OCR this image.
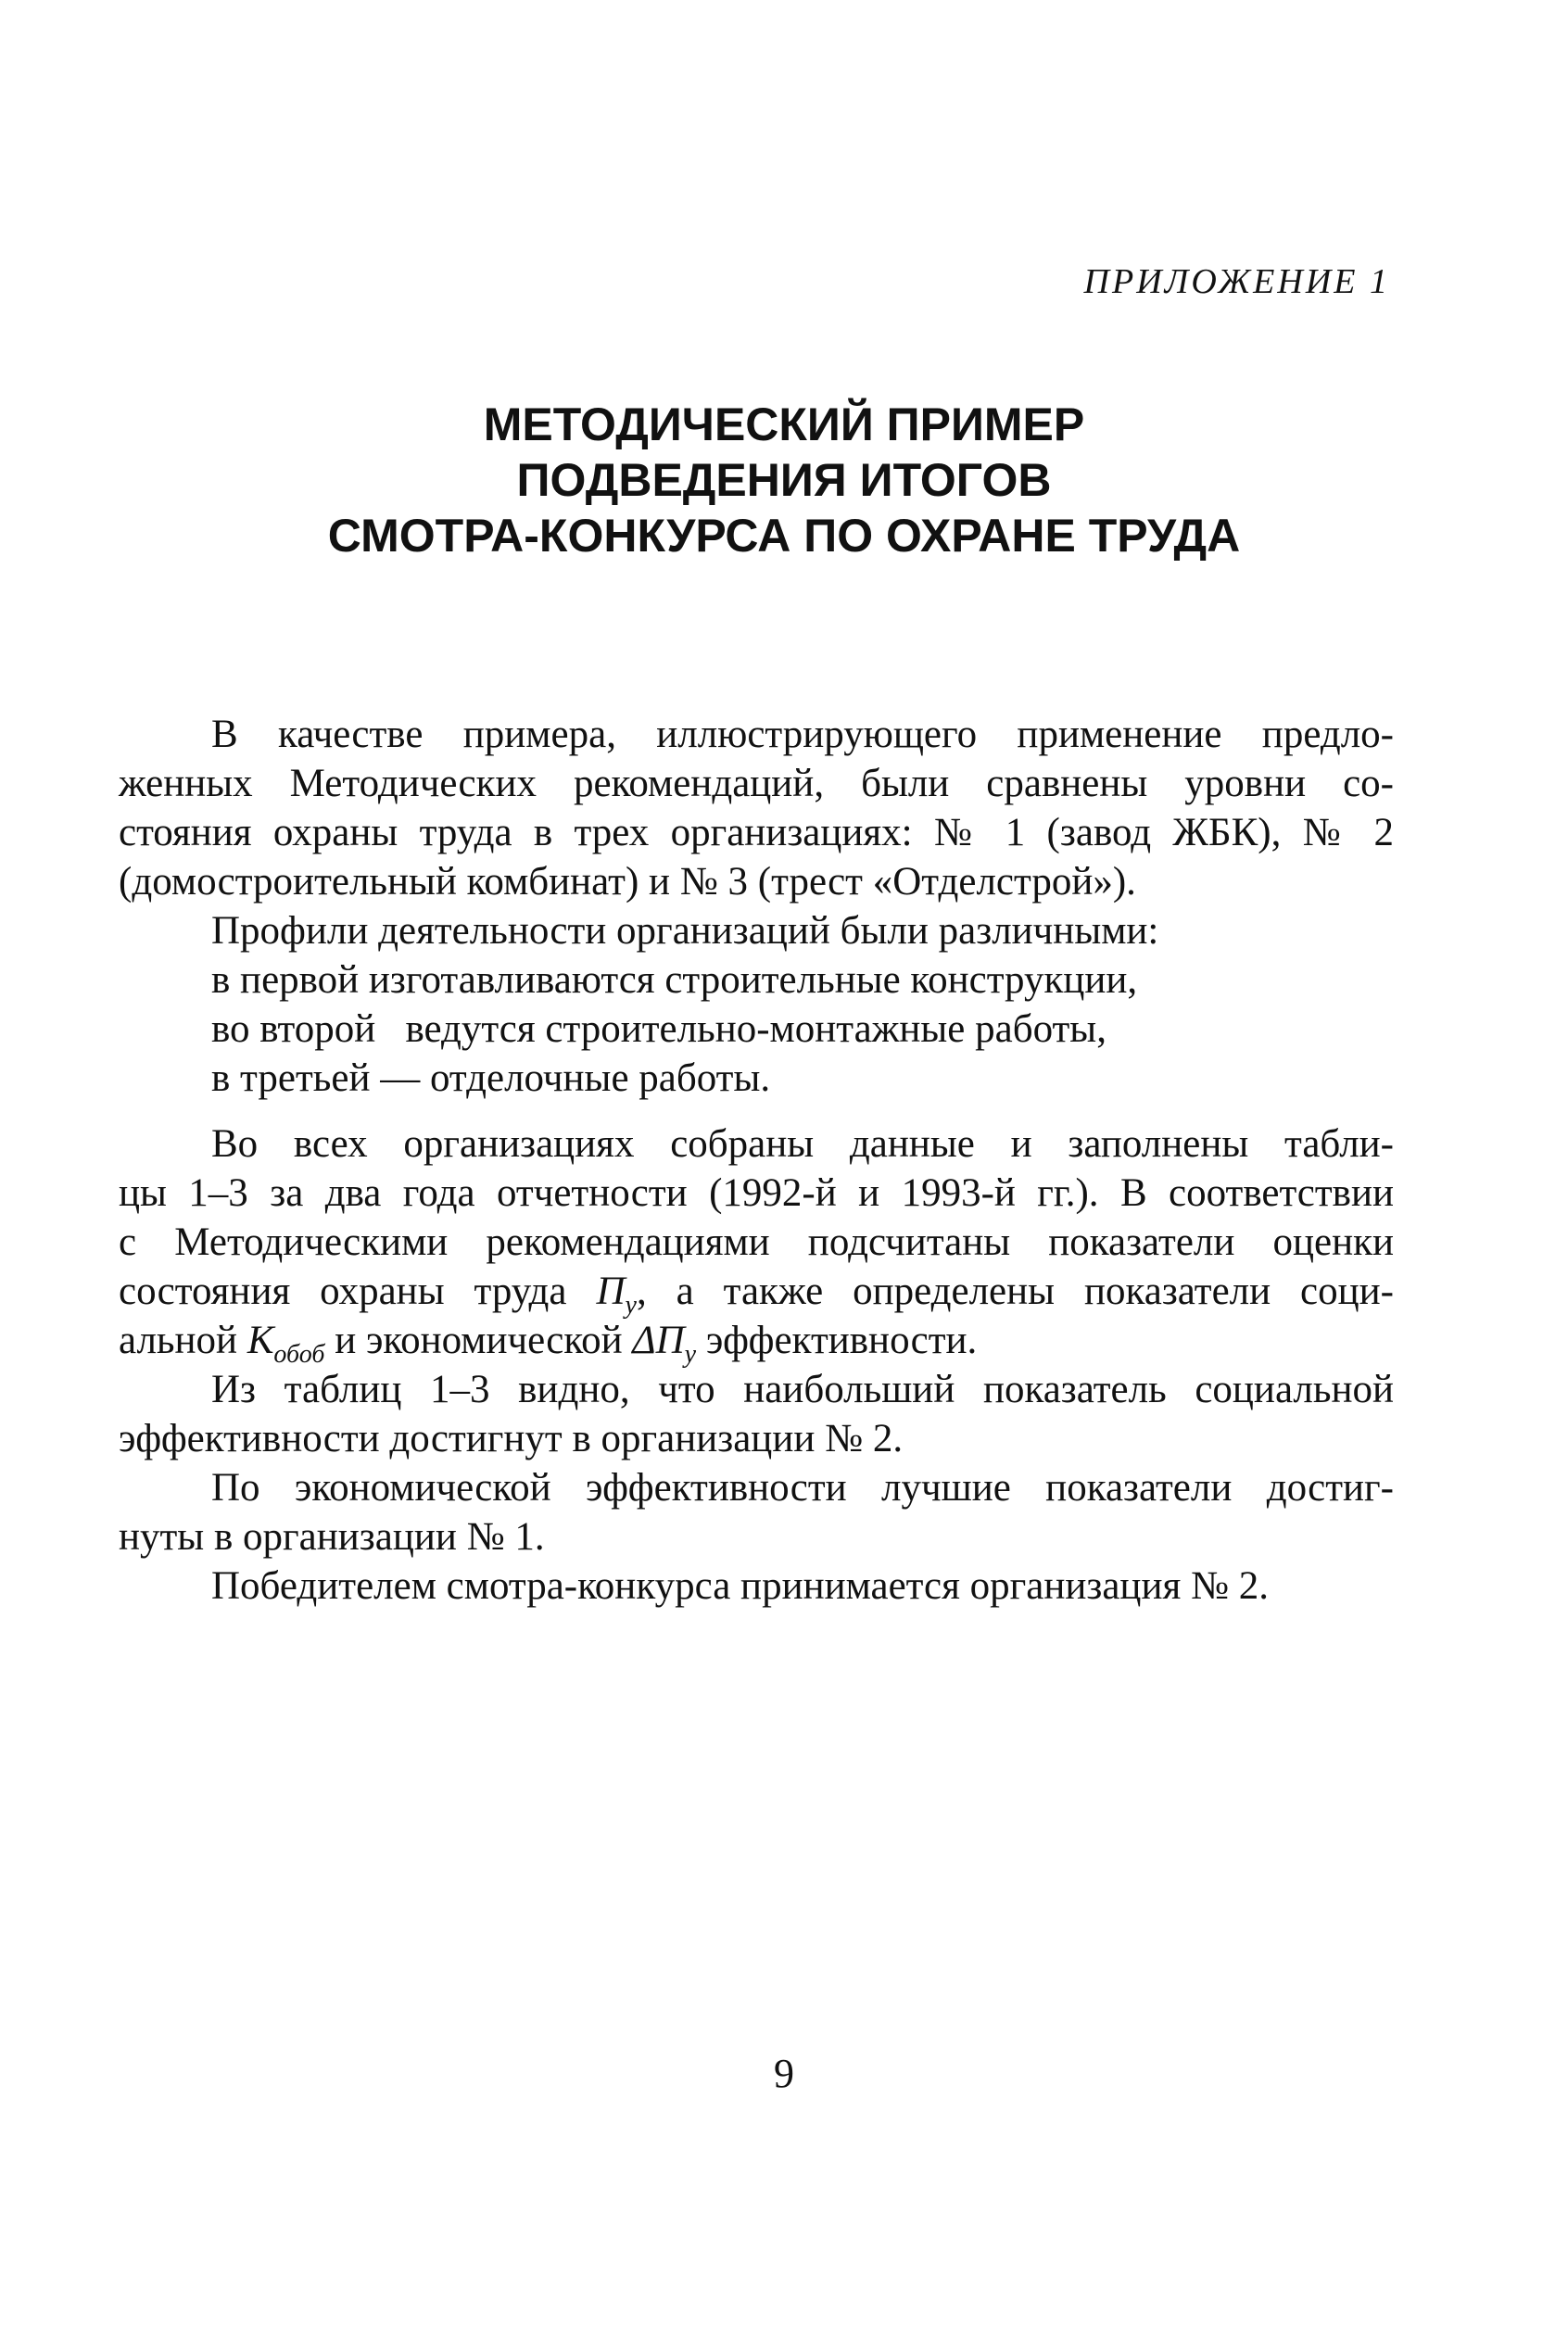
ПРИЛОЖЕНИЕ 1
МЕТОДИЧЕСКИЙ ПРИМЕР
ПОДВЕДЕНИЯ ИТОГОВ
СМОТРА-КОНКУРСА ПО ОХРАНЕ ТРУДА
В качестве примера, иллюстрирующего применение предло-
женных Методических рекомендаций, были сравнены уровни со-
стояния охраны труда в трех организациях: № 1 (завод ЖБК), № 2
(домостроительный комбинат) и № 3 (трест «Отделстрой»).
Профили деятельности организаций были различными:
в первой изготавливаются строительные конструкции,
во второй   ведутся строительно-монтажные работы,
в третьей — отделочные работы.
Во всех организациях собраны данные и заполнены табли-
цы 1–3 за два года отчетности (1992-й и 1993-й гг.). В соответствии
с Методическими рекомендациями подсчитаны показатели оценки
состояния охраны труда $П_у$, а также определены показатели соци-
альной $К_{обоб}$ и экономической $\Delta П_у$ эффективности.
Из таблиц 1–3 видно, что наибольший показатель социальной
эффективности достигнут в организации № 2.
По экономической эффективности лучшие показатели достиг-
нуты в организации № 1.
Победителем смотра-конкурса принимается организация № 2.
9
